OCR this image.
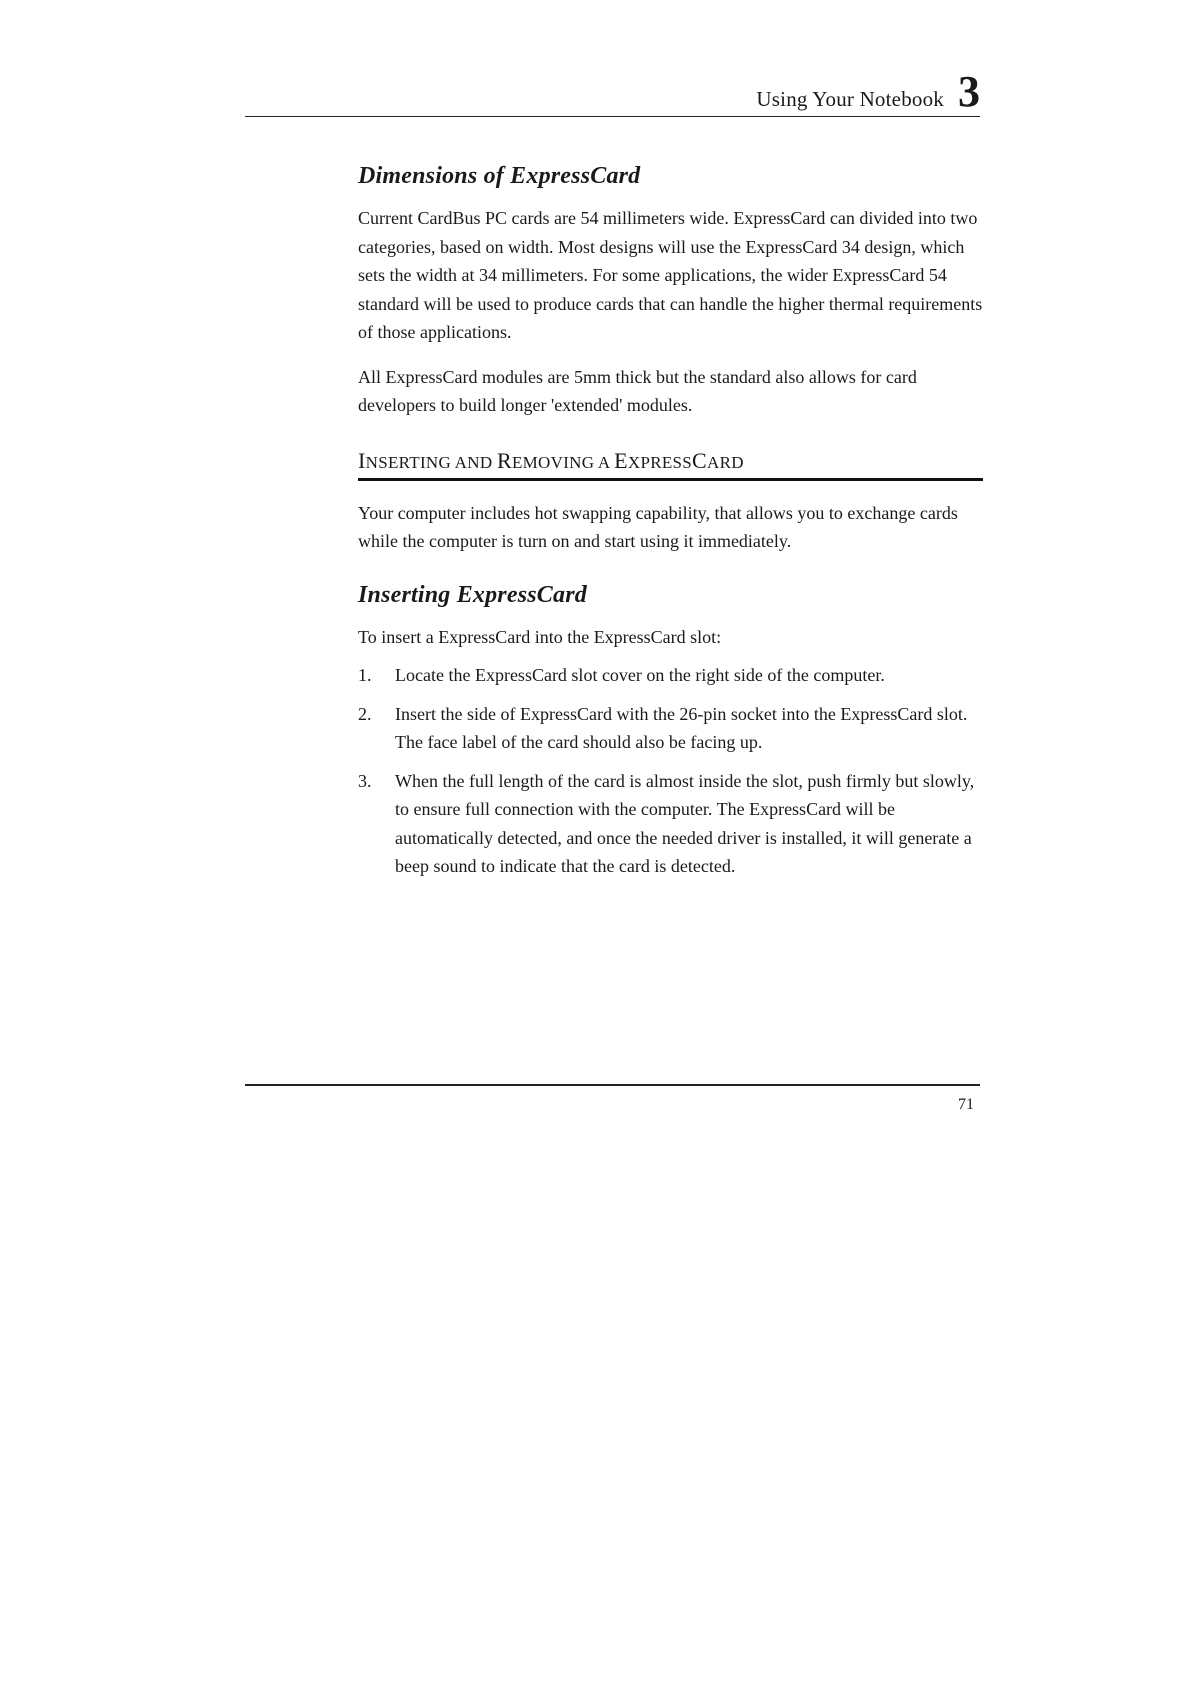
Using Your Notebook 3
Dimensions of ExpressCard

Current CardBus PC cards are 54 millimeters wide. ExpressCard can divided into two categories, based on width. Most designs will use the ExpressCard 34 design, which sets the width at 34 millimeters. For some applications, the wider ExpressCard 54 standard will be used to produce cards that can handle the higher thermal requirements of those applications.

All ExpressCard modules are 5mm thick but the standard also allows for card developers to build longer 'extended' modules.

INSERTING AND REMOVING A EXPRESSCARD

Your computer includes hot swapping capability, that allows you to exchange cards while the computer is turn on and start using it immediately.

Inserting ExpressCard

To insert a ExpressCard into the ExpressCard slot:

1. Locate the ExpressCard slot cover on the right side of the computer.
2. Insert the side of ExpressCard with the 26-pin socket into the ExpressCard slot. The face label of the card should also be facing up.
3. When the full length of the card is almost inside the slot, push firmly but slowly, to ensure full connection with the computer. The ExpressCard will be automatically detected, and once the needed driver is installed, it will generate a beep sound to indicate that the card is detected.
71
